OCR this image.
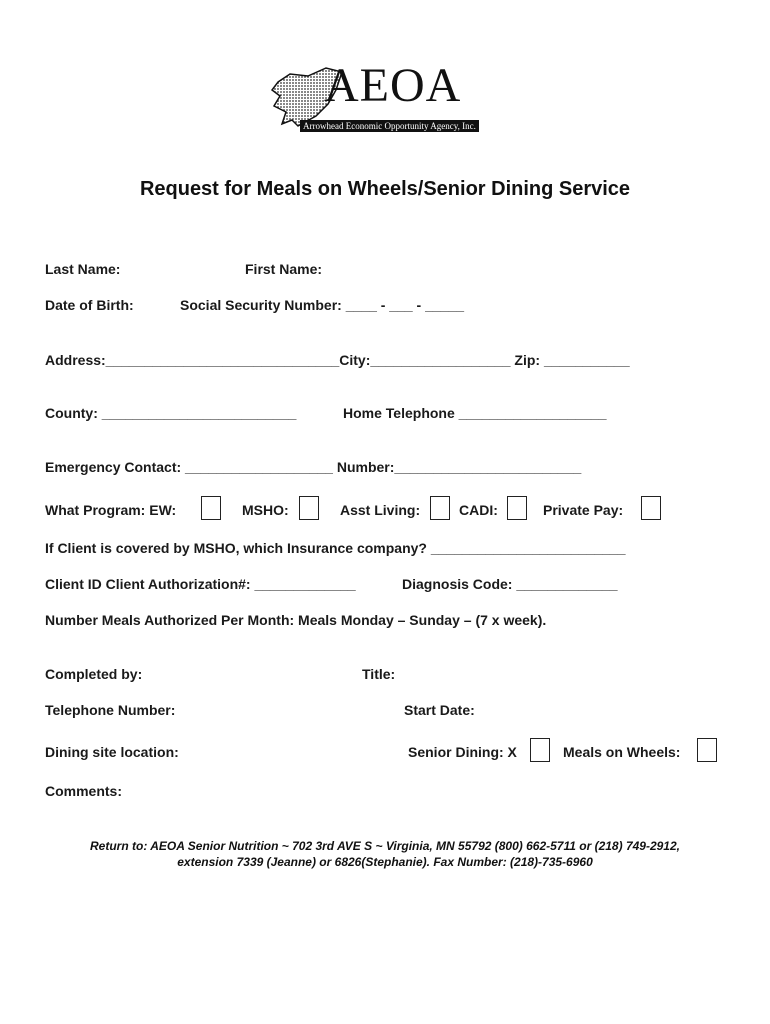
AEOA
Arrowhead Economic Opportunity Agency, Inc.
Request for Meals on Wheels/Senior Dining Service
Last Name:	First Name:
Date of Birth:	Social Security Number: ____ - ___ - _____
Address:______________________________City:__________________ Zip: ___________
County: _________________________	Home Telephone ___________________
Emergency Contact: ___________________ Number:________________________
What Program: EW:	MSHO:	Asst Living:	CADI:	Private Pay:
If Client is covered by MSHO, which Insurance company? _________________________
Client ID Client Authorization#: _____________	Diagnosis Code: _____________
Number Meals Authorized Per Month: Meals Monday – Sunday – (7 x week).
Completed by:	Title:
Telephone Number:	Start Date:
Dining site location:	Senior Dining: X	Meals on Wheels:
Comments:
Return to: AEOA Senior Nutrition ~ 702 3rd AVE S ~ Virginia, MN 55792 (800) 662-5711 or (218) 749-2912,
extension 7339 (Jeanne) or 6826(Stephanie). Fax Number: (218)-735-6960
